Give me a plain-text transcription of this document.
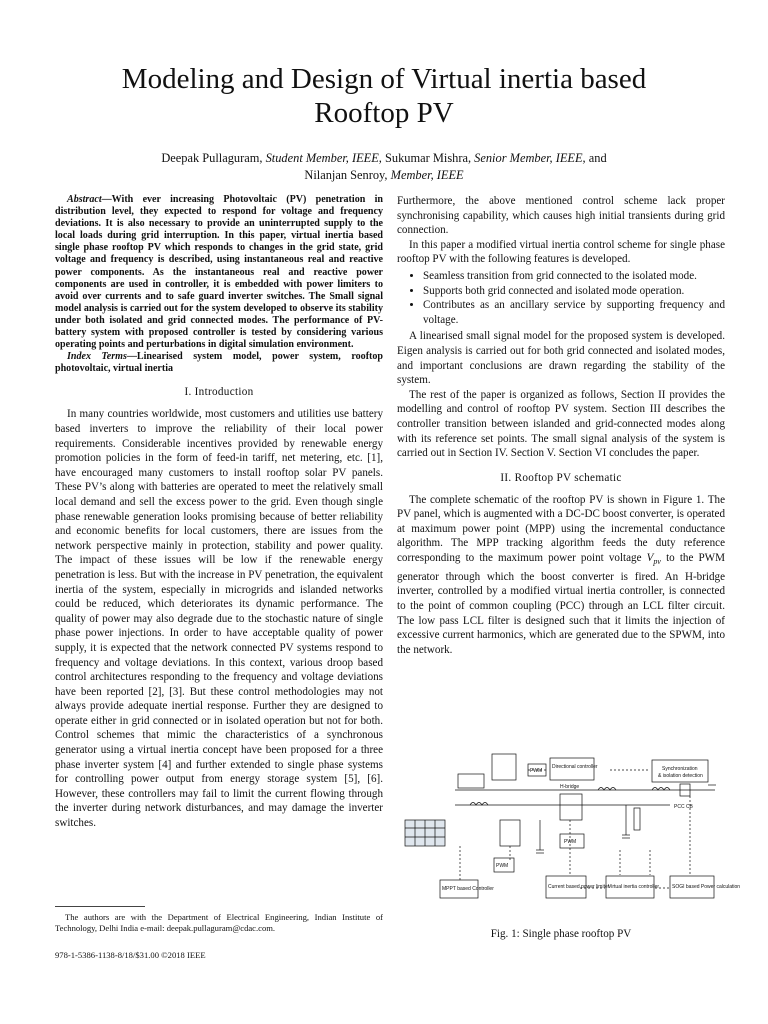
Modeling and Design of Virtual inertia based
Rooftop PV
Deepak Pullaguram, Student Member, IEEE, Sukumar Mishra, Senior Member, IEEE, and
Nilanjan Senroy, Member, IEEE
Abstract—With ever increasing Photovoltaic (PV) penetration in distribution level, they expected to respond for voltage and frequency deviations. It is also necessary to provide an uninterrupted supply to the local loads during grid interruption. In this paper, virtual inertia based single phase rooftop PV which responds to changes in the grid state, grid voltage and frequency is described, using instantaneous real and reactive power components. As the instantaneous real and reactive power components are used in controller, it is embedded with power limiters to avoid over currents and to safe guard inverter switches. The Small signal model analysis is carried out for the system developed to observe its stability under both isolated and grid connected modes. The performance of PV-battery system with proposed controller is tested by considering various operating points and perturbations in digital simulation environment.
Index Terms—Linearised system model, power system, rooftop photovoltaic, virtual inertia
I. Introduction

In many countries worldwide, most customers and utilities use battery based inverters to improve the reliability of their local power requirements. Considerable incentives provided by renewable energy promotion policies in the form of feed-in tariff, net metering, etc. [1], have encouraged many customers to install rooftop solar PV panels. These PV’s along with batteries are operated to meet the relatively small local demand and sell the excess power to the grid. Even though single phase renewable generation looks promising because of better reliability and economic benefits for local customers, there are issues from the network perspective mainly in protection, stability and power quality. The impact of these issues will be low if the renewable energy penetration is less. But with the increase in PV penetration, the equivalent inertia of the system, especially in microgrids and islanded networks could be reduced, which deteriorates its dynamic performance. The quality of power may also degrade due to the stochastic nature of single phase power injections. In order to have acceptable quality of power supply, it is expected that the network connected PV systems respond to frequency and voltage deviations. In this context, various droop based control architectures responding to the frequency and voltage deviations have been reported [2], [3]. But these control methodologies may not always provide adequate inertial response. Further they are designed to operate either in grid connected or in isolated operation but not for both. Control schemes that mimic the characteristics of a synchronous generator using a virtual inertia concept have been proposed for a three phase inverter system [4] and further extended to single phase systems for controlling power output from energy storage system [5], [6]. However, these controllers may fail to limit the current flowing through the inverter during network disturbances, and may damage the inverter switches.

Furthermore, the above mentioned control scheme lack proper synchronising capability, which causes high initial transients during grid connection.

In this paper a modified virtual inertia control scheme for single phase rooftop PV with the following features is developed.

• Seamless transition from grid connected to the isolated mode.
• Supports both grid connected and isolated mode operation.
• Contributes as an ancillary service by supporting frequency and voltage.

A linearised small signal model for the proposed system is developed. Eigen analysis is carried out for both grid connected and isolated modes, and important conclusions are drawn regarding the stability of the system.

The rest of the paper is organized as follows, Section II provides the modelling and control of rooftop PV system. Section III describes the controller transition between islanded and grid-connected modes along with its reference set points. The small signal analysis of the system is carried out in Section IV. Section V. Section VI concludes the paper.

II. Rooftop PV schematic

The complete schematic of the rooftop PV is shown in Figure 1. The PV panel, which is augmented with a DC-DC boost converter, is operated at maximum power point (MPP) using the incremental conductance algorithm. The MPP tracking algorithm feeds the duty reference corresponding to the maximum power point voltage $V_{pv}$ to the PWM generator through which the boost converter is fired. An H-bridge inverter, controlled by a modified virtual inertia controller, is connected to the point of common coupling (PCC) through an LCL filter circuit. The low pass LCL filter is designed such that it limits the injection of excessive current harmonics, which are generated due to the SPWM, into the network.

PWM
Directional controller	Synchronization
& isolation detection
H-bridge
PCC CB
MPPT based Controller	Current based power limiter
Virtual inertia controller	SOGI based Power calculation
PWM
PWM
Fig. 1: Single phase rooftop PV
The authors are with the Department of Electrical Engineering, Indian Institute of Technology, Delhi India e-mail: deepak.pullaguram@cdac.com.
978-1-5386-1138-8/18/$31.00 ©2018 IEEE
